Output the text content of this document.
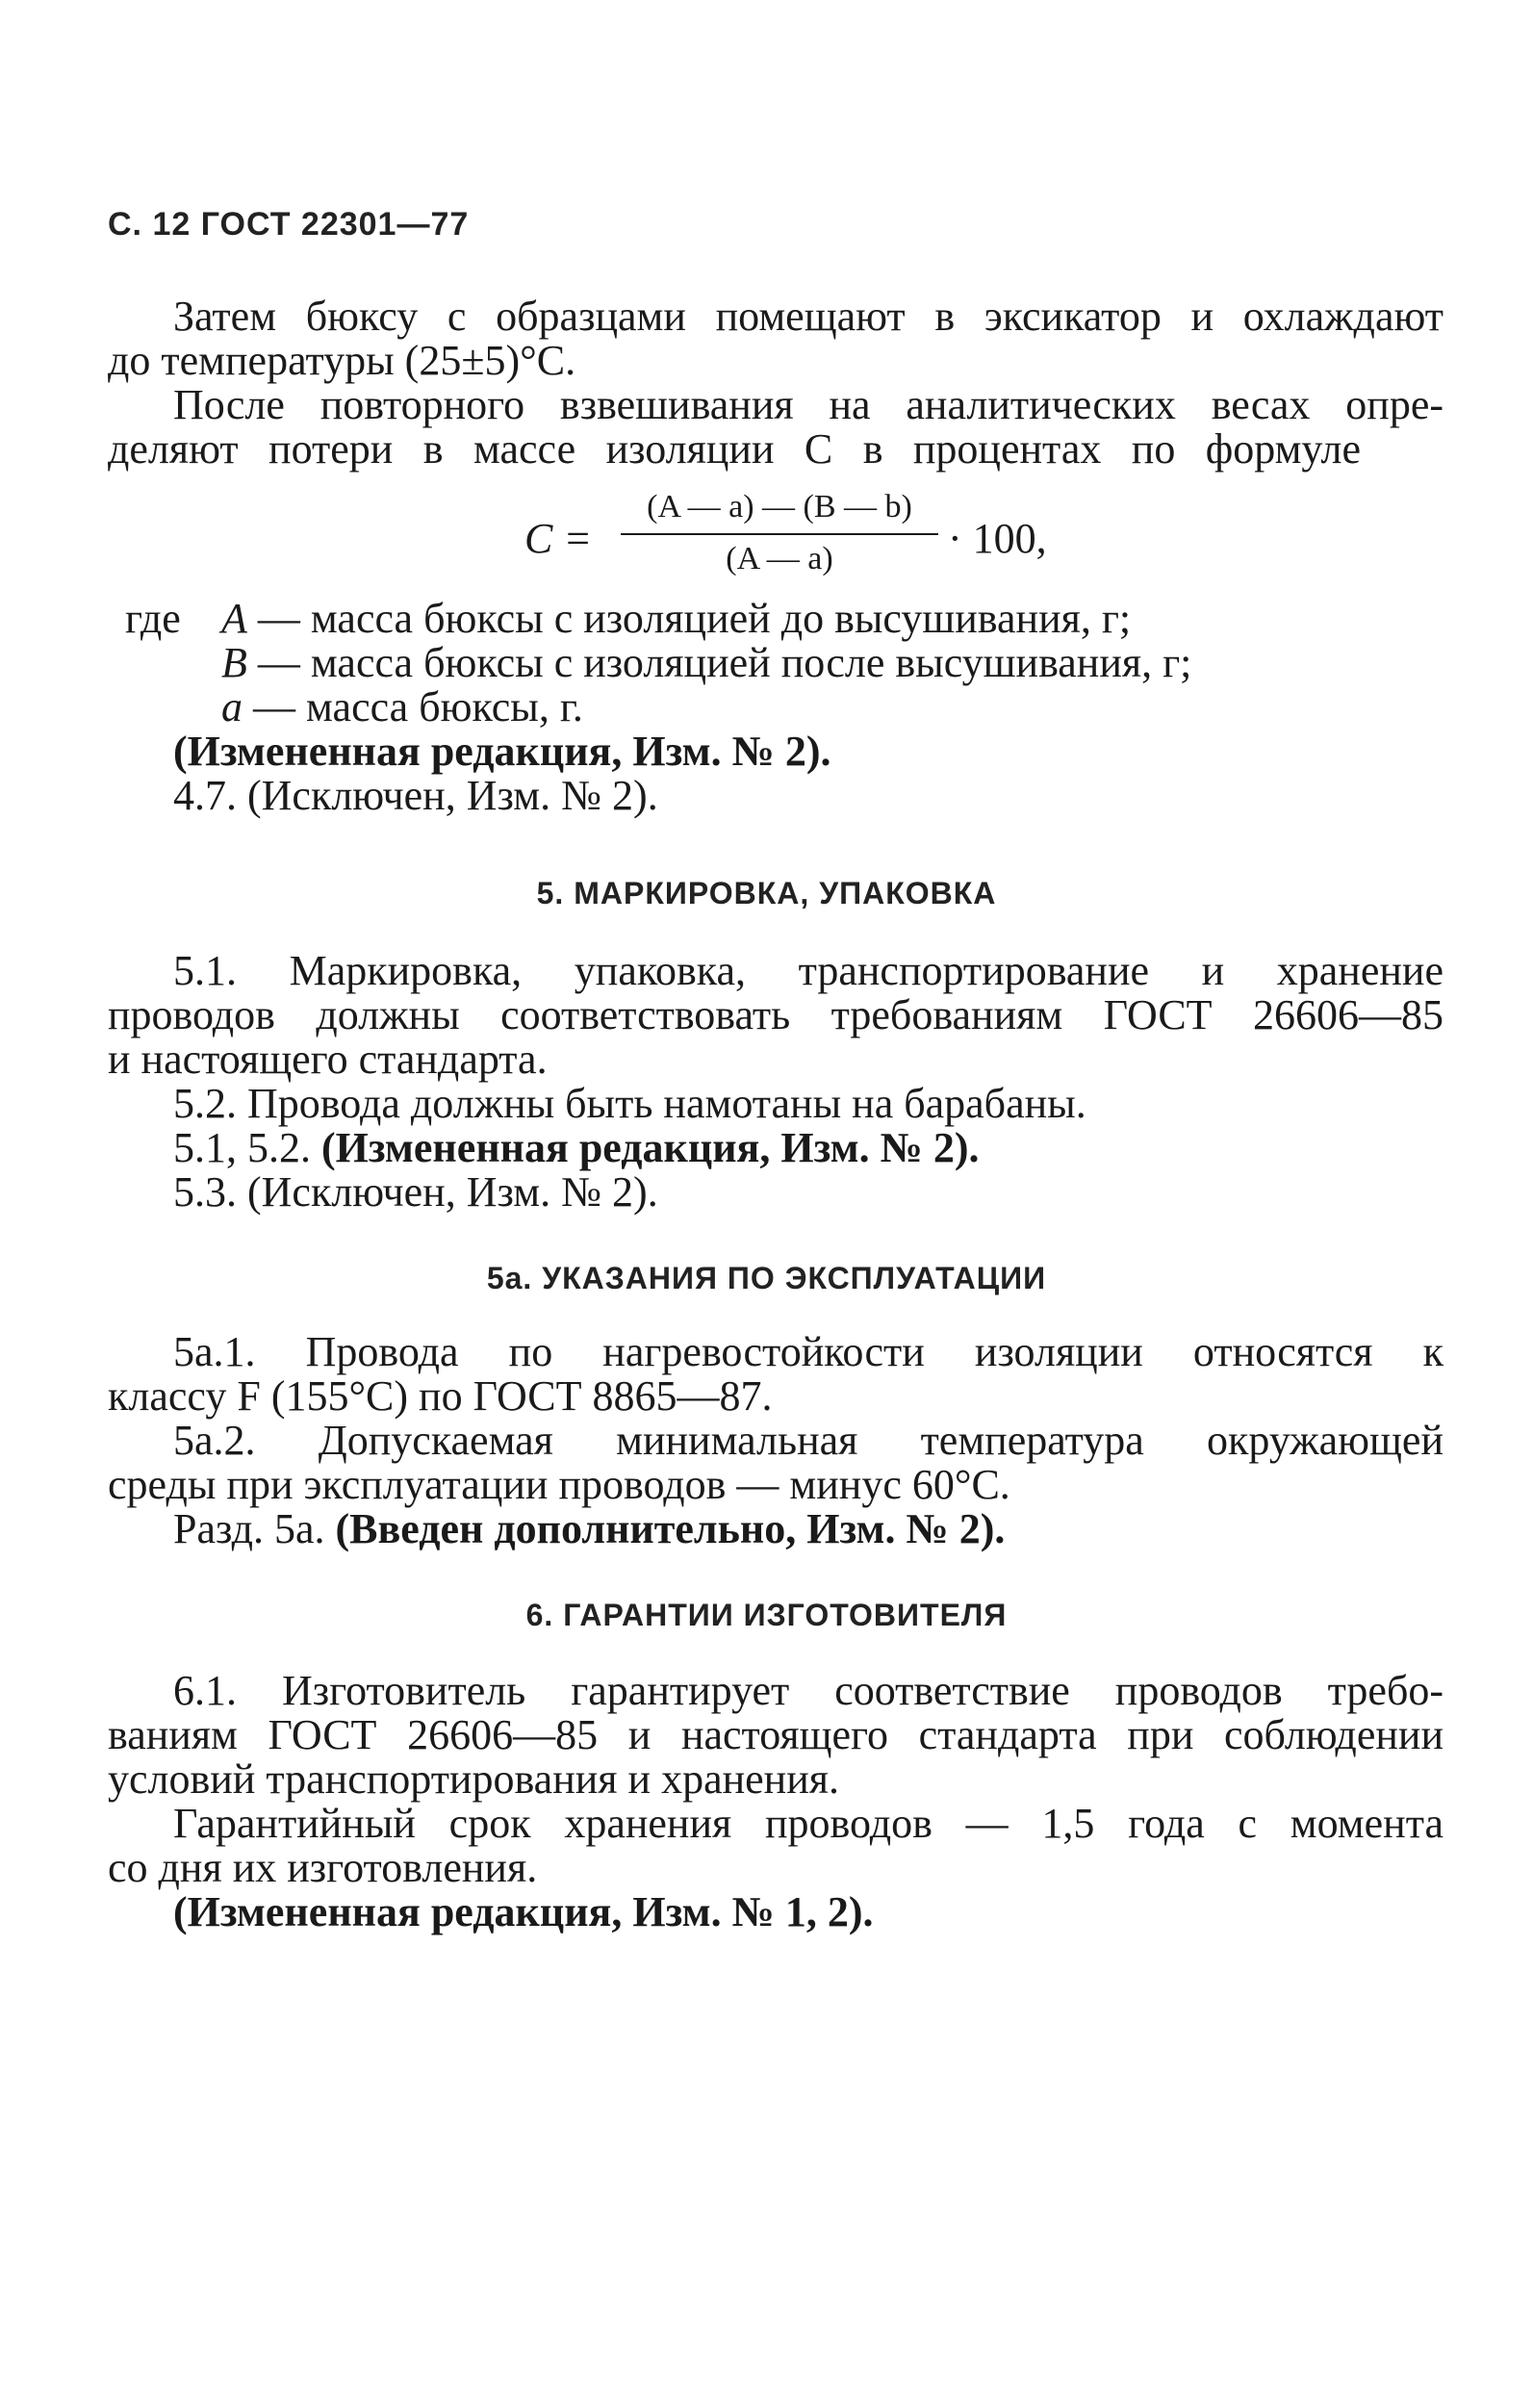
С. 12 ГОСТ 22301—77
Затем бюксу с образцами помещают в эксикатор и охлаждают
до температуры (25±5)°С.
После повторного взвешивания на аналитических весах опре-
деляют потери в массе изоляции C в процентах по формуле
C =
(A — a) — (B — b)
(A — a)	· 100,
где A — масса бюксы с изоляцией до высушивания, г;
B — масса бюксы с изоляцией после высушивания, г;
a — масса бюксы, г.
(Измененная редакция, Изм. № 2).
4.7. (Исключен, Изм. № 2).
5. МАРКИРОВКА, УПАКОВКА
5.1. Маркировка, упаковка, транспортирование и хранение
проводов должны соответствовать требованиям ГОСТ 26606—85
и настоящего стандарта.
5.2. Провода должны быть намотаны на барабаны.
5.1, 5.2. (Измененная редакция, Изм. № 2).
5.3. (Исключен, Изм. № 2).
5а. УКАЗАНИЯ ПО ЭКСПЛУАТАЦИИ
5а.1. Провода по нагревостойкости изоляции относятся к
классу F (155°С) по ГОСТ 8865—87.
5а.2. Допускаемая минимальная температура окружающей
среды при эксплуатации проводов — минус 60°С.
Разд. 5а. (Введен дополнительно, Изм. № 2).
6. ГАРАНТИИ ИЗГОТОВИТЕЛЯ
6.1. Изготовитель гарантирует соответствие проводов требо-
ваниям ГОСТ 26606—85 и настоящего стандарта при соблюдении
условий транспортирования и хранения.
Гарантийный срок хранения проводов — 1,5 года с момента
со дня их изготовления.
(Измененная редакция, Изм. № 1, 2).
